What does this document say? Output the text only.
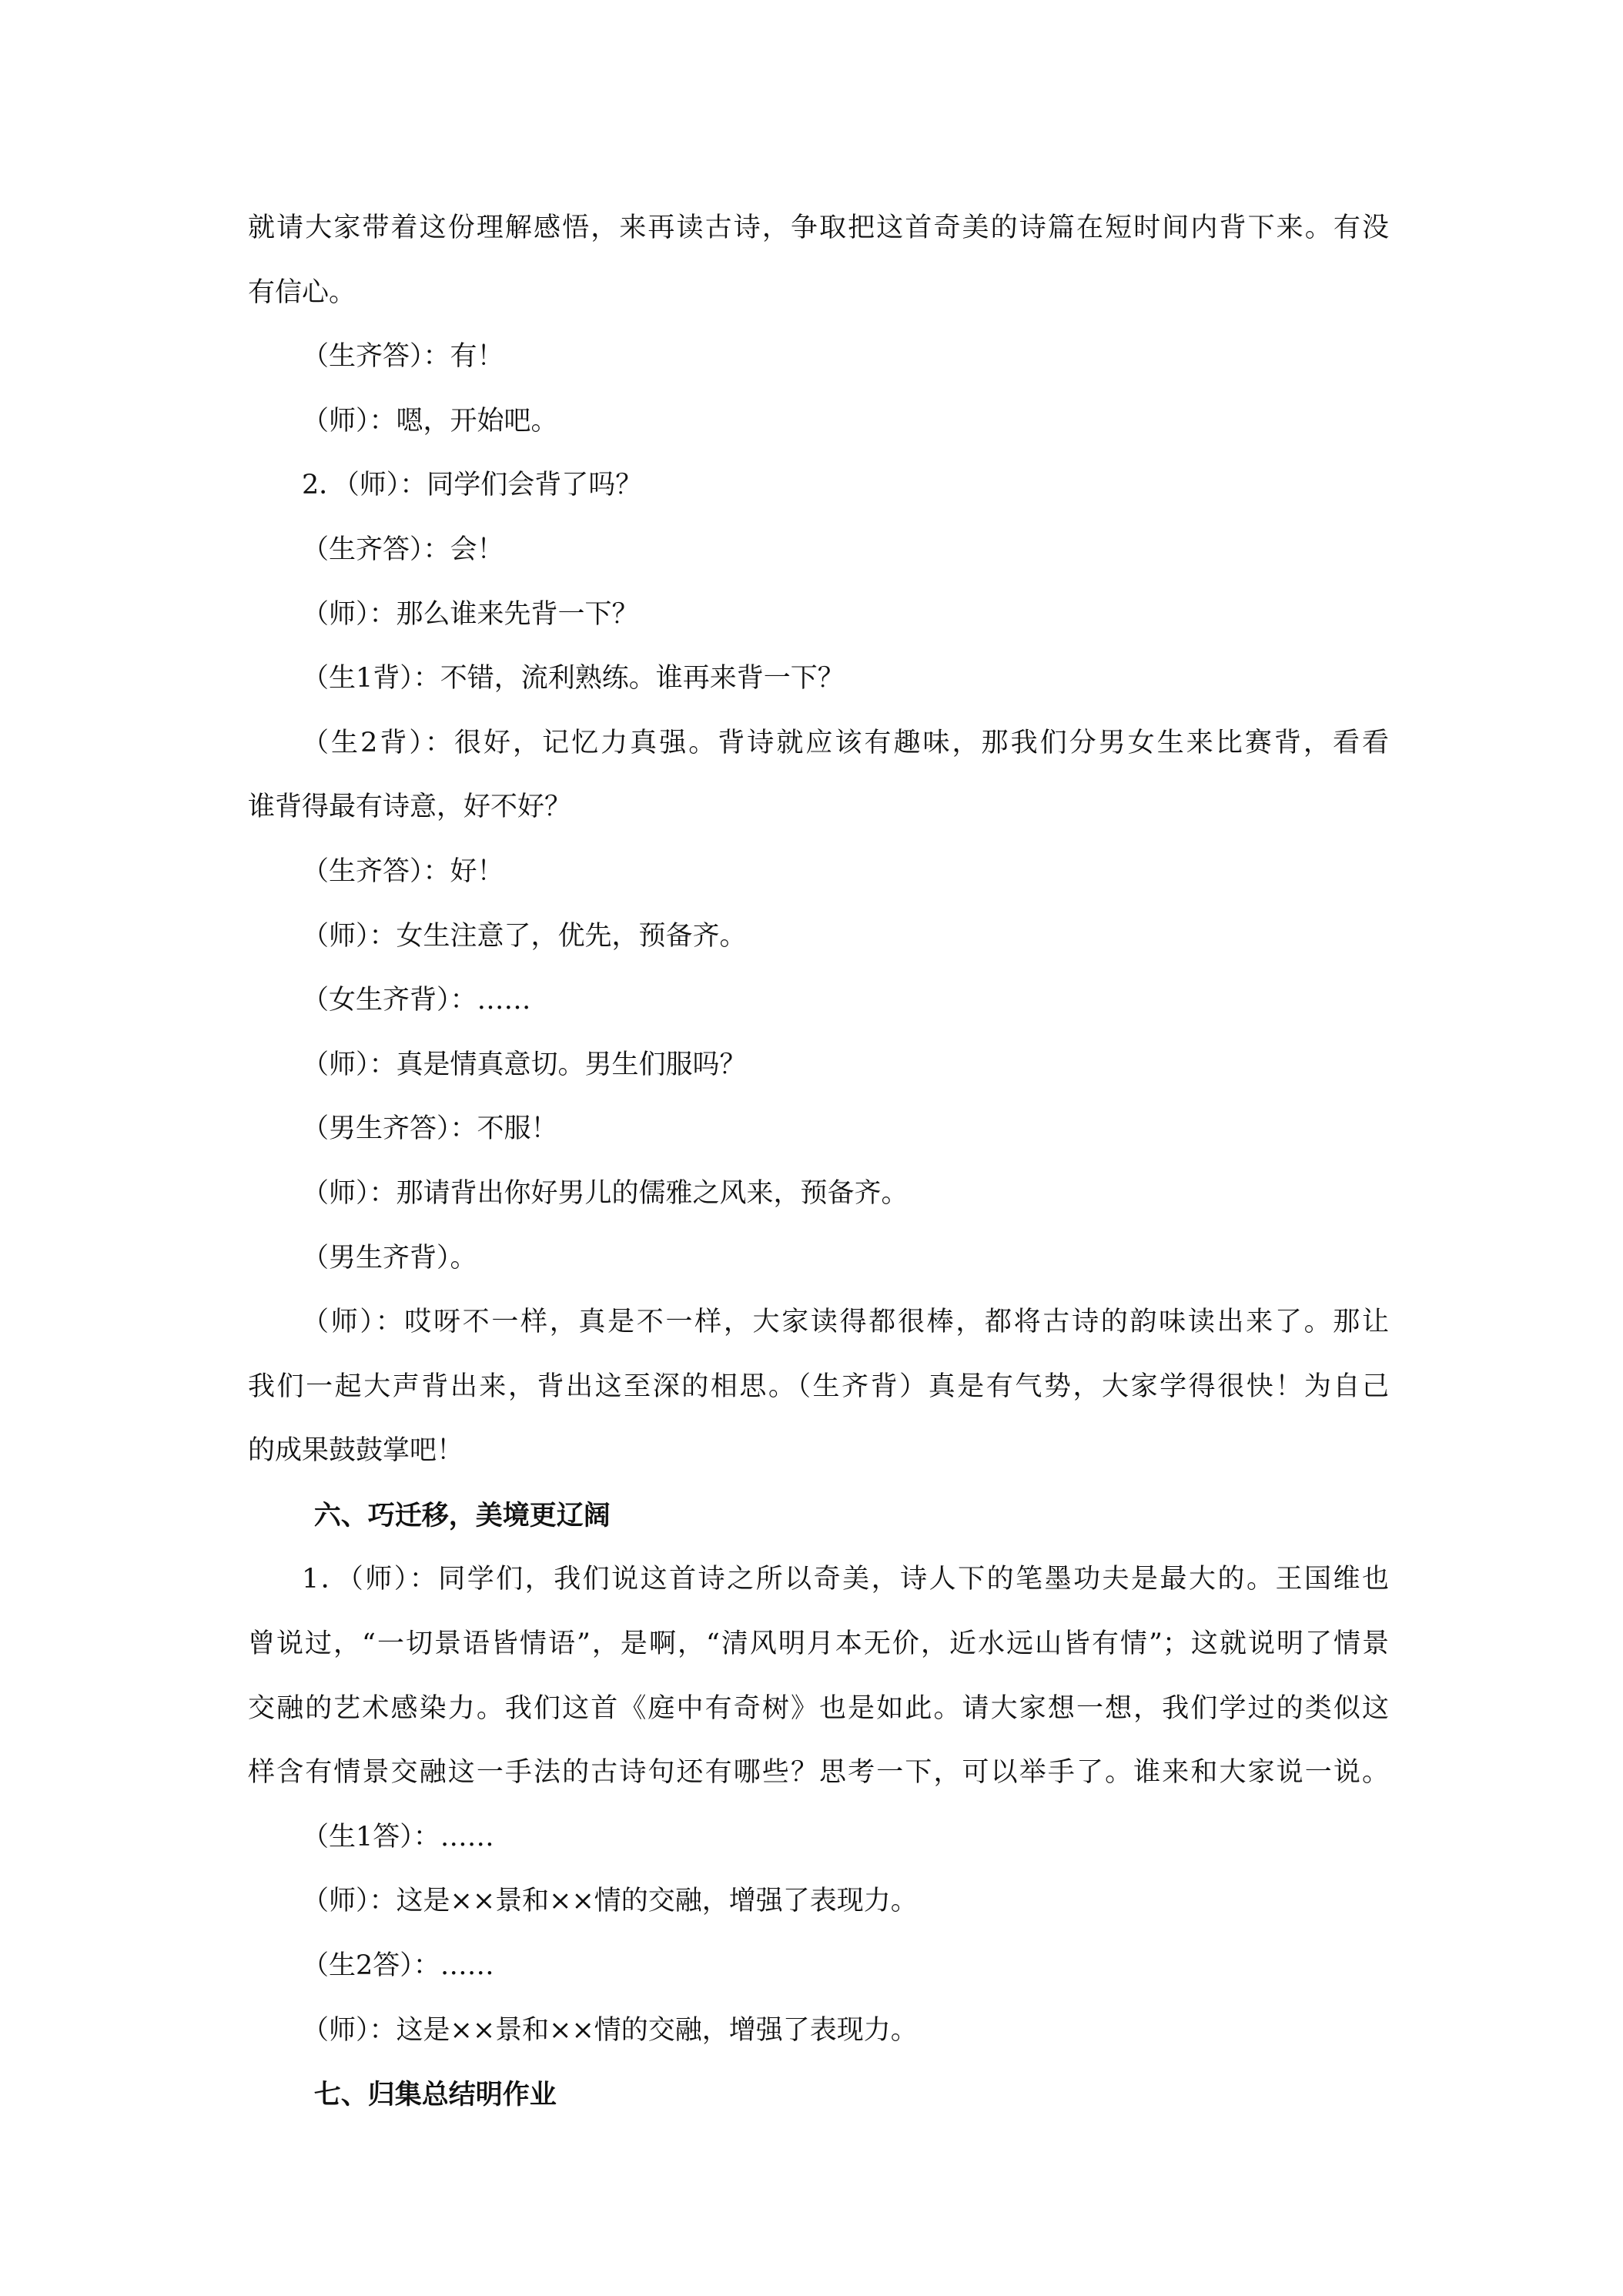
就请大家带着这份理解感悟，来再读古诗，争取把这首奇美的诗篇在短时间内背下来。有没
有信心。
（生齐答）：有！
（师）：嗯，开始吧。
2．（师）：同学们会背了吗？
（生齐答）：会！
（师）：那么谁来先背一下？
（生1背）：不错，流利熟练。谁再来背一下？
（生2背）：很好，记忆力真强。背诗就应该有趣味，那我们分男女生来比赛背，看看
谁背得最有诗意，好不好？
（生齐答）：好！
（师）：女生注意了，优先，预备齐。
（女生齐背）：……
（师）：真是情真意切。男生们服吗？
（男生齐答）：不服！
（师）：那请背出你好男儿的儒雅之风来，预备齐。
（男生齐背）。
（师）：哎呀不一样，真是不一样，大家读得都很棒，都将古诗的韵味读出来了。那让
我们一起大声背出来，背出这至深的相思。（生齐背）真是有气势，大家学得很快！为自己
的成果鼓鼓掌吧！
六、巧迁移，美境更辽阔
1．（师）：同学们，我们说这首诗之所以奇美，诗人下的笔墨功夫是最大的。王国维也
曾说过，“一切景语皆情语”，是啊，“清风明月本无价，近水远山皆有情”；这就说明了情景
交融的艺术感染力。我们这首《庭中有奇树》也是如此。请大家想一想，我们学过的类似这
样含有情景交融这一手法的古诗句还有哪些？思考一下，可以举手了。谁来和大家说一说。
（生1答）：……
（师）：这是××景和××情的交融，增强了表现力。
（生2答）：……
（师）：这是××景和××情的交融，增强了表现力。
七、归集总结明作业
